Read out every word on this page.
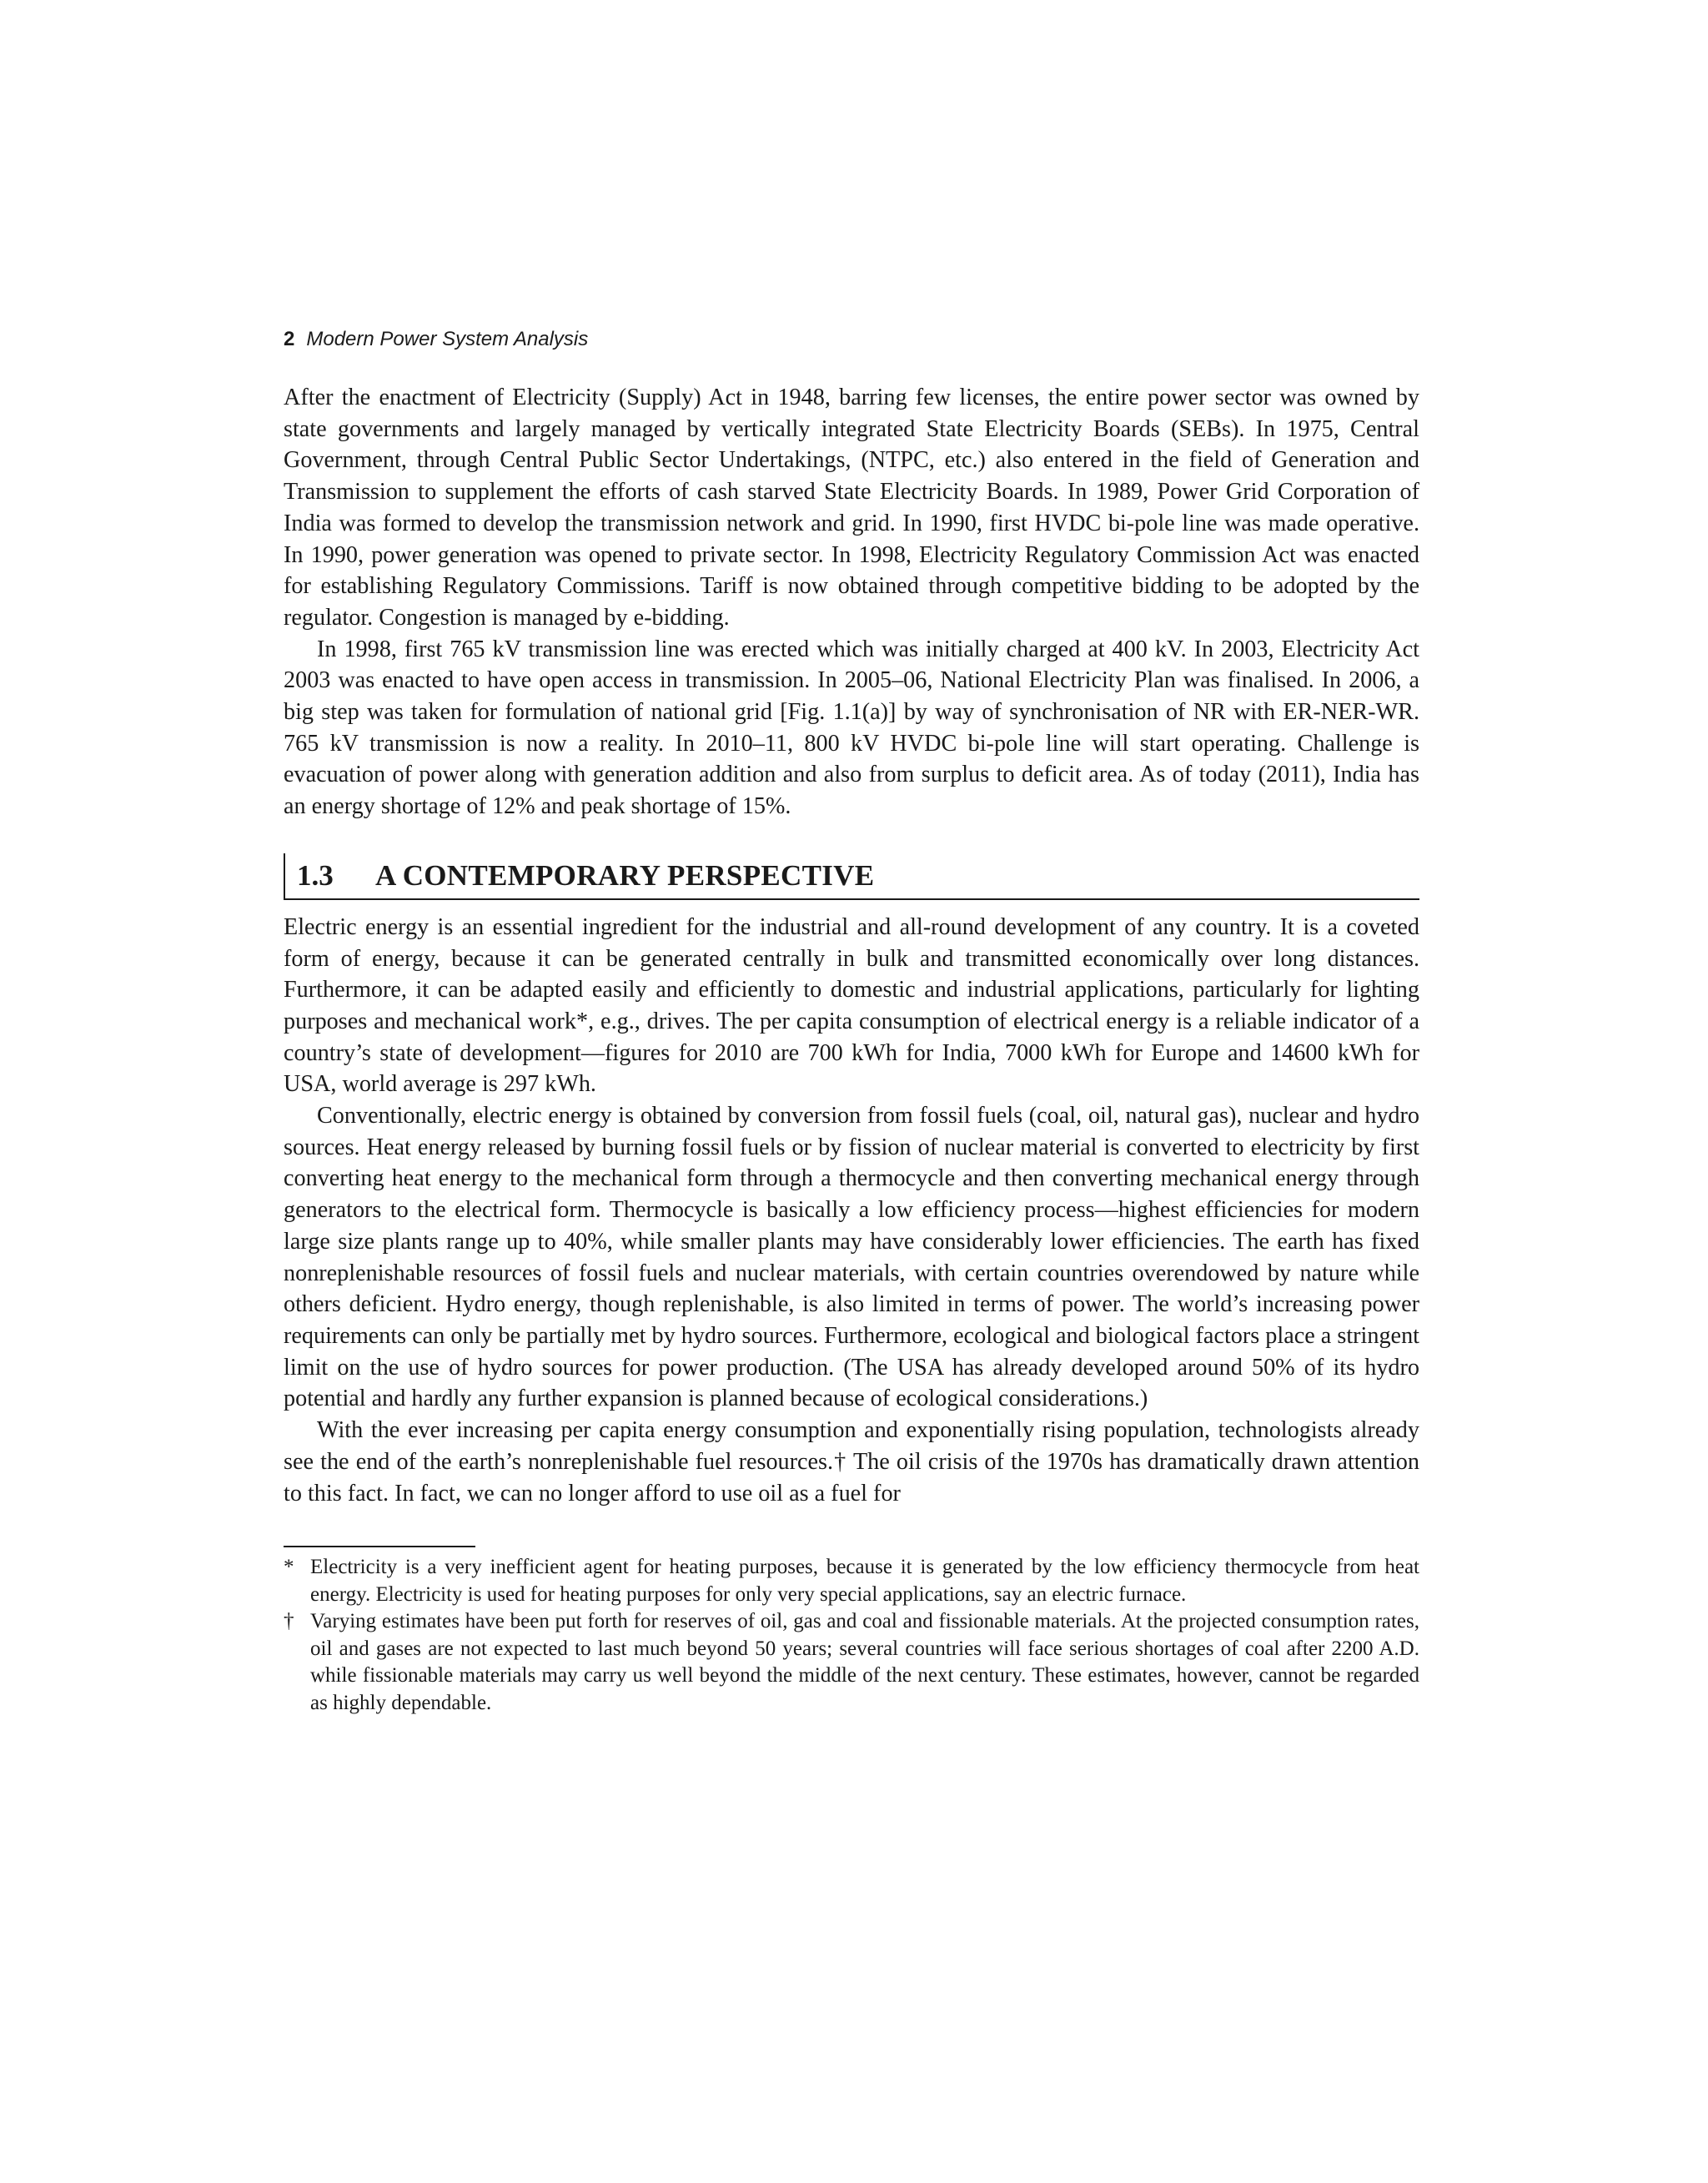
2 Modern Power System Analysis

After the enactment of Electricity (Supply) Act in 1948, barring few licenses, the entire power sector was owned by state governments and largely managed by vertically integrated State Electricity Boards (SEBs). In 1975, Central Government, through Central Public Sector Undertakings, (NTPC, etc.) also entered in the field of Generation and Transmission to supplement the efforts of cash starved State Electricity Boards. In 1989, Power Grid Corporation of India was formed to develop the transmission network and grid. In 1990, first HVDC bi-pole line was made operative. In 1990, power generation was opened to private sector. In 1998, Electricity Regulatory Commission Act was enacted for establishing Regulatory Commissions. Tariff is now obtained through competitive bidding to be adopted by the regulator. Congestion is managed by e-bidding.

In 1998, first 765 kV transmission line was erected which was initially charged at 400 kV. In 2003, Electricity Act 2003 was enacted to have open access in transmission. In 2005–06, National Electricity Plan was finalised. In 2006, a big step was taken for formulation of national grid [Fig. 1.1(a)] by way of synchronisation of NR with ER-NER-WR. 765 kV transmission is now a reality. In 2010–11, 800 kV HVDC bi-pole line will start operating. Challenge is evacuation of power along with generation addition and also from surplus to deficit area. As of today (2011), India has an energy shortage of 12% and peak shortage of 15%.

1.3 A CONTEMPORARY PERSPECTIVE

Electric energy is an essential ingredient for the industrial and all-round development of any country. It is a coveted form of energy, because it can be generated centrally in bulk and transmitted economically over long distances. Furthermore, it can be adapted easily and efficiently to domestic and industrial applications, particularly for lighting purposes and mechanical work*, e.g., drives. The per capita consumption of electrical energy is a reliable indicator of a country’s state of development—figures for 2010 are 700 kWh for India, 7000 kWh for Europe and 14600 kWh for USA, world average is 297 kWh.

Conventionally, electric energy is obtained by conversion from fossil fuels (coal, oil, natural gas), nuclear and hydro sources. Heat energy released by burning fossil fuels or by fission of nuclear material is converted to electricity by first converting heat energy to the mechanical form through a thermocycle and then converting mechanical energy through generators to the electrical form. Thermocycle is basically a low efficiency process—highest efficiencies for modern large size plants range up to 40%, while smaller plants may have considerably lower efficiencies. The earth has fixed nonreplenishable resources of fossil fuels and nuclear materials, with certain countries overendowed by nature while others deficient. Hydro energy, though replenishable, is also limited in terms of power. The world’s increasing power requirements can only be partially met by hydro sources. Furthermore, ecological and biological factors place a stringent limit on the use of hydro sources for power production. (The USA has already developed around 50% of its hydro potential and hardly any further expansion is planned because of ecological considerations.)

With the ever increasing per capita energy consumption and exponentially rising population, technologists already see the end of the earth’s nonreplenishable fuel resources.† The oil crisis of the 1970s has dramatically drawn attention to this fact. In fact, we can no longer afford to use oil as a fuel for

* Electricity is a very inefficient agent for heating purposes, because it is generated by the low efficiency thermocycle from heat energy. Electricity is used for heating purposes for only very special applications, say an electric furnace.
† Varying estimates have been put forth for reserves of oil, gas and coal and fissionable materials. At the projected consumption rates, oil and gases are not expected to last much beyond 50 years; several countries will face serious shortages of coal after 2200 A.D. while fissionable materials may carry us well beyond the middle of the next century. These estimates, however, cannot be regarded as highly dependable.
